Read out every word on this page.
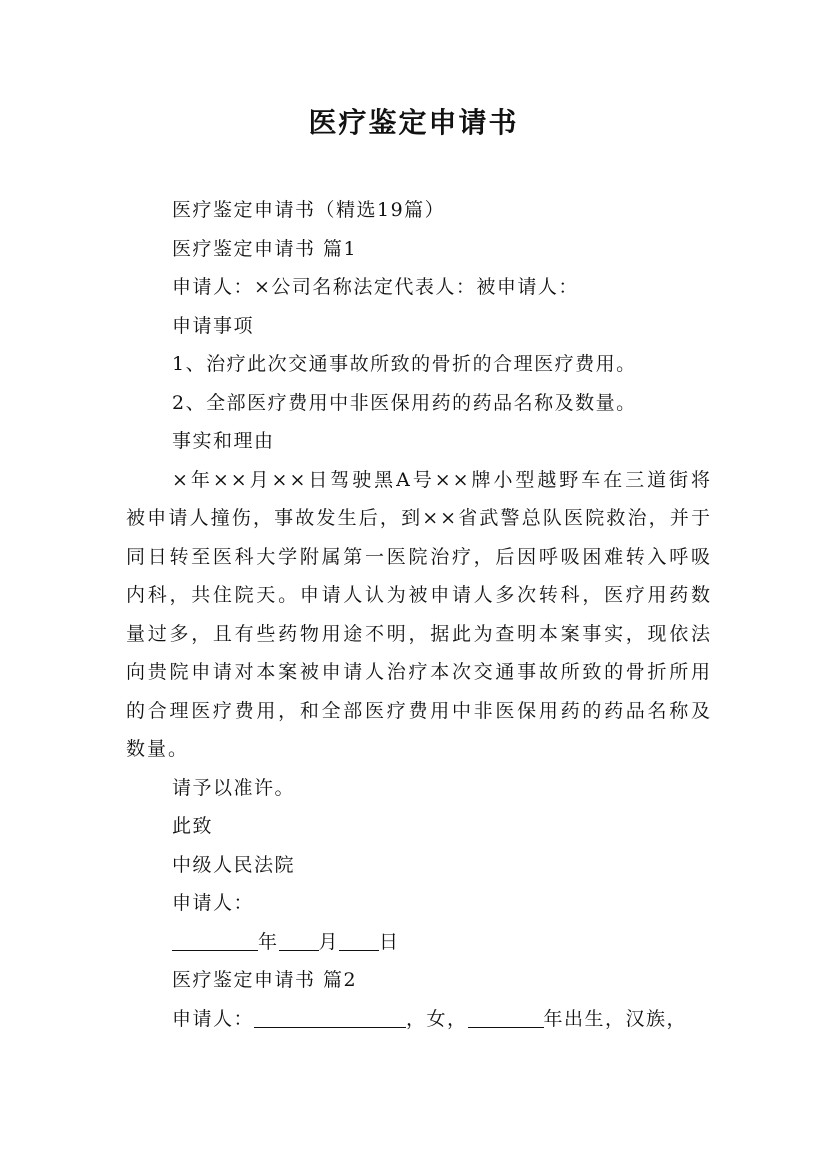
医疗鉴定申请书

医疗鉴定申请书（精选19篇）

医疗鉴定申请书 篇1

申请人：×公司名称法定代表人：被申请人：

申请事项

1、治疗此次交通事故所致的骨折的合理医疗费用。

2、全部医疗费用中非医保用药的药品名称及数量。

事实和理由

×年××月××日驾驶黑A号××牌小型越野车在三道街将被申请人撞伤，事故发生后，到××省武警总队医院救治，并于同日转至医科大学附属第一医院治疗，后因呼吸困难转入呼吸内科，共住院天。申请人认为被申请人多次转科，医疗用药数量过多，且有些药物用途不明，据此为查明本案事实，现依法向贵院申请对本案被申请人治疗本次交通事故所致的骨折所用的合理医疗费用，和全部医疗费用中非医保用药的药品名称及数量。

请予以准许。

此致

中级人民法院

申请人：

年 月 日

医疗鉴定申请书 篇2

申请人：	，女，	年出生，汉族，
